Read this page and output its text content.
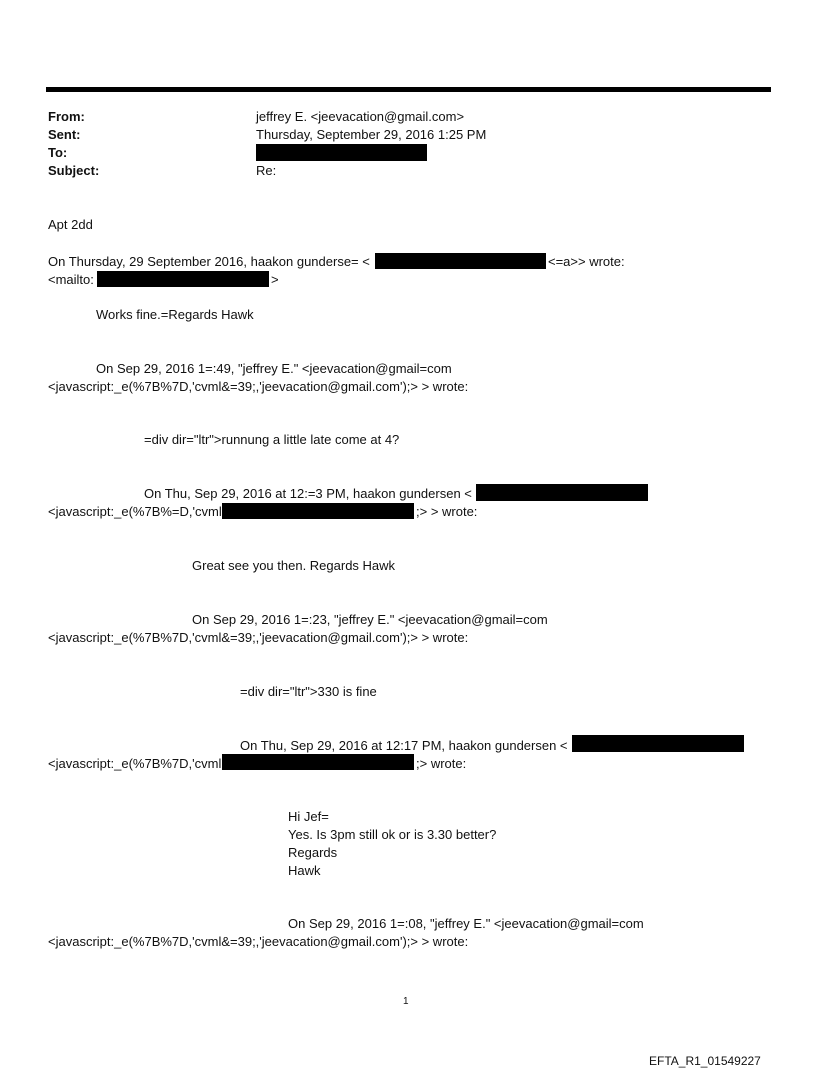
From:	jeffrey E. <jeevacation@gmail.com>
Sent:	Thursday, September 29, 2016 1:25 PM
To:
Subject:	Re:
Apt 2dd
On Thursday, 29 September 2016, haakon gunderse= <	<=a>> wrote:
<mailto:	>
Works fine.=Regards Hawk
On Sep 29, 2016 1=:49, "jeffrey E." <jeevacation@gmail=com
<javascript:_e(%7B%7D,'cvml&=39;,'jeevacation@gmail.com');> > wrote:
=div dir="ltr">runnung a little late come at 4?
On Thu, Sep 29, 2016 at 12:=3 PM, haakon gundersen <
<javascript:_e(%7B%=D,'cvml	;> > wrote:
Great see you then. Regards Hawk
On Sep 29, 2016 1=:23, "jeffrey E." <jeevacation@gmail=com
<javascript:_e(%7B%7D,'cvml&=39;,'jeevacation@gmail.com');> > wrote:
=div dir="ltr">330 is fine
On Thu, Sep 29, 2016 at 12:17 PM, haakon gundersen <
<javascript:_e(%7B%7D,'cvml	;> wrote:
Hi Jef=
Yes. Is 3pm still ok or is 3.30 better?
Regards
Hawk
On Sep 29, 2016 1=:08, "jeffrey E." <jeevacation@gmail=com
<javascript:_e(%7B%7D,'cvml&=39;,'jeevacation@gmail.com');> > wrote:
1
EFTA_R1_01549227
